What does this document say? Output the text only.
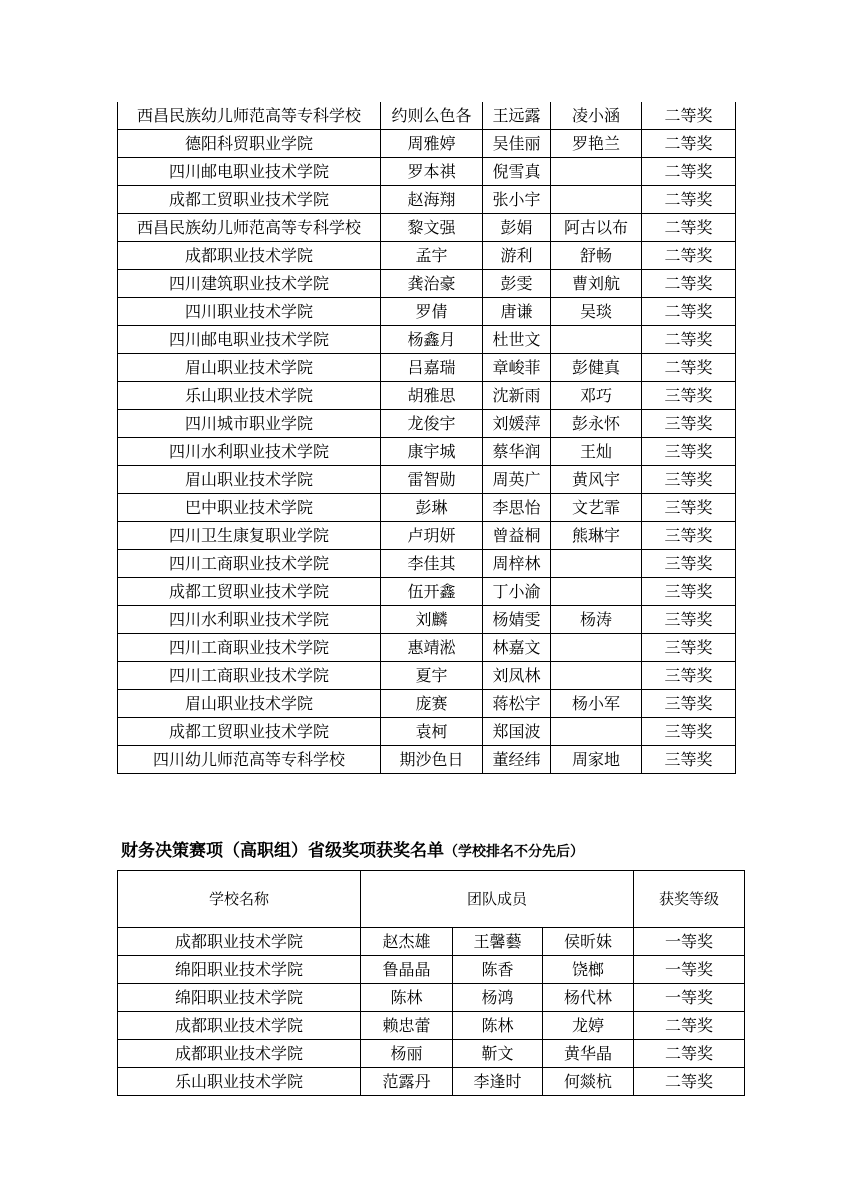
西昌民族幼儿师范高等专科学校	约则么色各	王远露	凌小涵	二等奖
德阳科贸职业学院	周雅婷	吴佳丽	罗艳兰	二等奖
四川邮电职业技术学院	罗本祺	倪雪真		二等奖
成都工贸职业技术学院	赵海翔	张小宇		二等奖
西昌民族幼儿师范高等专科学校	黎文强	彭娟	阿古以布	二等奖
成都职业技术学院	孟宇	游利	舒畅	二等奖
四川建筑职业技术学院	龚治豪	彭雯	曹刘航	二等奖
四川职业技术学院	罗倩	唐谦	吴琰	二等奖
四川邮电职业技术学院	杨鑫月	杜世文		二等奖
眉山职业技术学院	吕嘉瑞	章峻菲	彭健真	二等奖
乐山职业技术学院	胡雅思	沈新雨	邓巧	三等奖
四川城市职业学院	龙俊宇	刘媛萍	彭永怀	三等奖
四川水利职业技术学院	康宇城	蔡华润	王灿	三等奖
眉山职业技术学院	雷智勋	周英广	黄风宇	三等奖
巴中职业技术学院	彭琳	李思怡	文艺霏	三等奖
四川卫生康复职业学院	卢玥妍	曾益桐	熊琳宇	三等奖
四川工商职业技术学院	李佳其	周梓林		三等奖
成都工贸职业技术学院	伍开鑫	丁小渝		三等奖
四川水利职业技术学院	刘麟	杨婧雯	杨涛	三等奖
四川工商职业技术学院	惠靖淞	林嘉文		三等奖
四川工商职业技术学院	夏宇	刘凤林		三等奖
眉山职业技术学院	庞赛	蒋松宇	杨小军	三等奖
成都工贸职业技术学院	袁柯	郑国波		三等奖
四川幼儿师范高等专科学校	期沙色日	董经纬	周家地	三等奖
财务决策赛项（高职组）省级奖项获奖名单（学校排名不分先后）
学校名称	团队成员			获奖等级
成都职业技术学院	赵杰雄	王馨藝	侯昕妹	一等奖
绵阳职业技术学院	鲁晶晶	陈香	饶榔	一等奖
绵阳职业技术学院	陈林	杨鸿	杨代林	一等奖
成都职业技术学院	赖忠蕾	陈林	龙婷	二等奖
成都职业技术学院	杨丽	靳文	黄华晶	二等奖
乐山职业技术学院	范露丹	李逢时	何燚杭	二等奖
